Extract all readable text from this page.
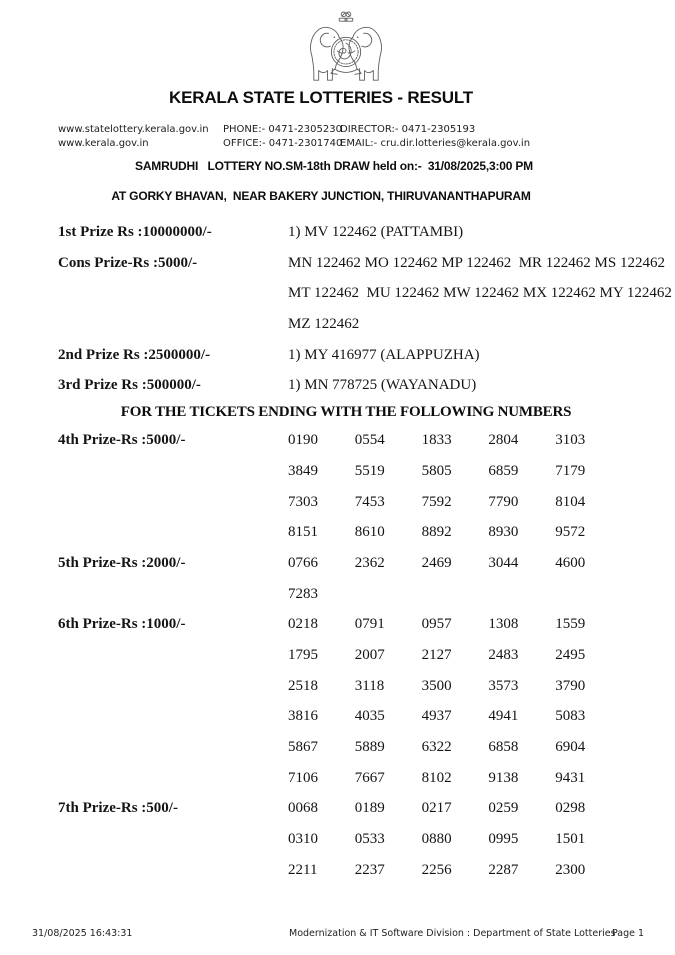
KERALA STATE LOTTERIES - RESULT
www.statelottery.kerala.gov.in	PHONE:- 0471-2305230
DIRECTOR:- 0471-2305193
www.kerala.gov.in	OFFICE:- 0471-2301740
EMAIL:- cru.dir.lotteries@kerala.gov.in
SAMRUDHI   LOTTERY NO.SM-18th DRAW held on:-  31/08/2025,3:00 PM
AT GORKY BHAVAN,  NEAR BAKERY JUNCTION, THIRUVANANTHAPURAM
1st Prize Rs :10000000/-	1) MV 122462 (PATTAMBI)
Cons Prize-Rs :5000/-	MN 122462 MO 122462 MP 122462  MR 122462 MS 122462
MT 122462  MU 122462 MW 122462 MX 122462 MY 122462
MZ 122462
2nd Prize Rs :2500000/-	1) MY 416977 (ALAPPUZHA)
3rd Prize Rs :500000/-	1) MN 778725 (WAYANADU)
FOR THE TICKETS ENDING WITH THE FOLLOWING NUMBERS
4th Prize-Rs :5000/-	0190	0554	1833	2804	3103
3849	5519	5805	6859	7179
7303	7453	7592	7790	8104
8151	8610	8892	8930	9572
5th Prize-Rs :2000/-	0766	2362	2469	3044	4600
7283
6th Prize-Rs :1000/-	0218	0791	0957	1308	1559
1795	2007	2127	2483	2495
2518	3118	3500	3573	3790
3816	4035	4937	4941	5083
5867	5889	6322	6858	6904
7106	7667	8102	9138	9431
7th Prize-Rs :500/-	0068	0189	0217	0259	0298
0310	0533	0880	0995	1501
2211	2237	2256	2287	2300
31/08/2025 16:43:31	Modernization & IT Software Division : Department of State Lotteries
Page 1
